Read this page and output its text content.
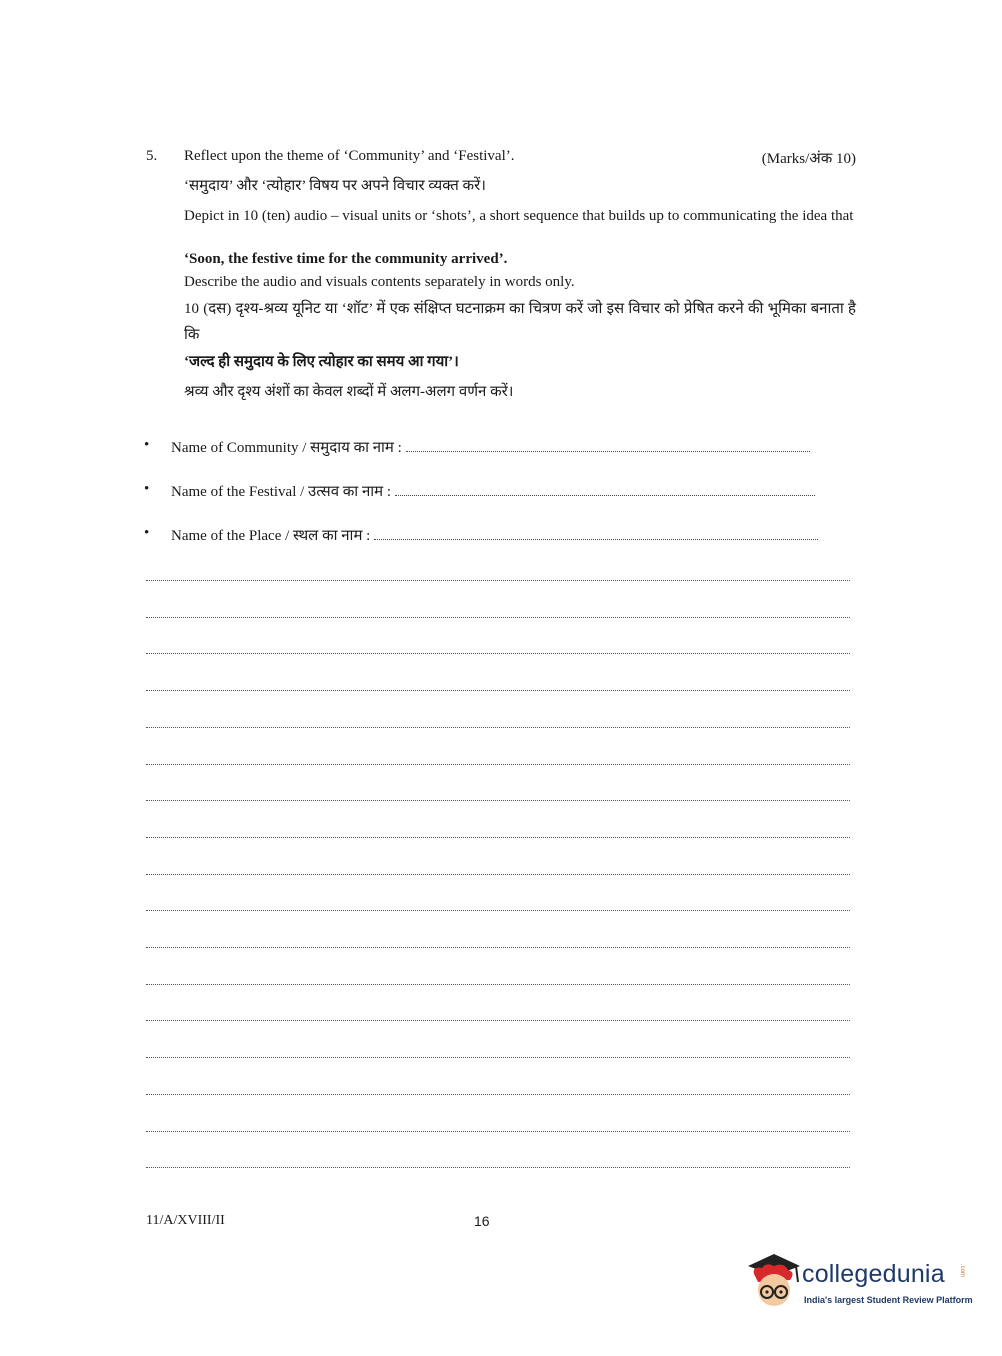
5. Reflect upon the theme of ‘Community’ and ‘Festival’.	(Marks/अंक 10)
‘समुदाय’ और ‘त्योहार’ विषय पर अपने विचार व्यक्त करें।
Depict in 10 (ten) audio – visual units or ‘shots’, a short sequence that builds up to communicating the idea that
‘Soon, the festive time for the community arrived’.
Describe the audio and visuals contents separately in words only.
10 (दस) दृश्य-श्रव्य यूनिट या ‘शॉट’ में एक संक्षिप्त घटनाक्रम का चित्रण करें जो इस विचार को प्रेषित करने की भूमिका बनाता है कि
‘जल्द ही समुदाय के लिए त्योहार का समय आ गया’।
श्रव्य और दृश्य अंशों का केवल शब्दों में अलग-अलग वर्णन करें।
• Name of Community / समुदाय का नाम :
• Name of the Festival / उत्सव का नाम :
• Name of the Place / स्थल का नाम :
11/A/XVIII/II	16
collegedunia .com
India's largest Student Review Platform
